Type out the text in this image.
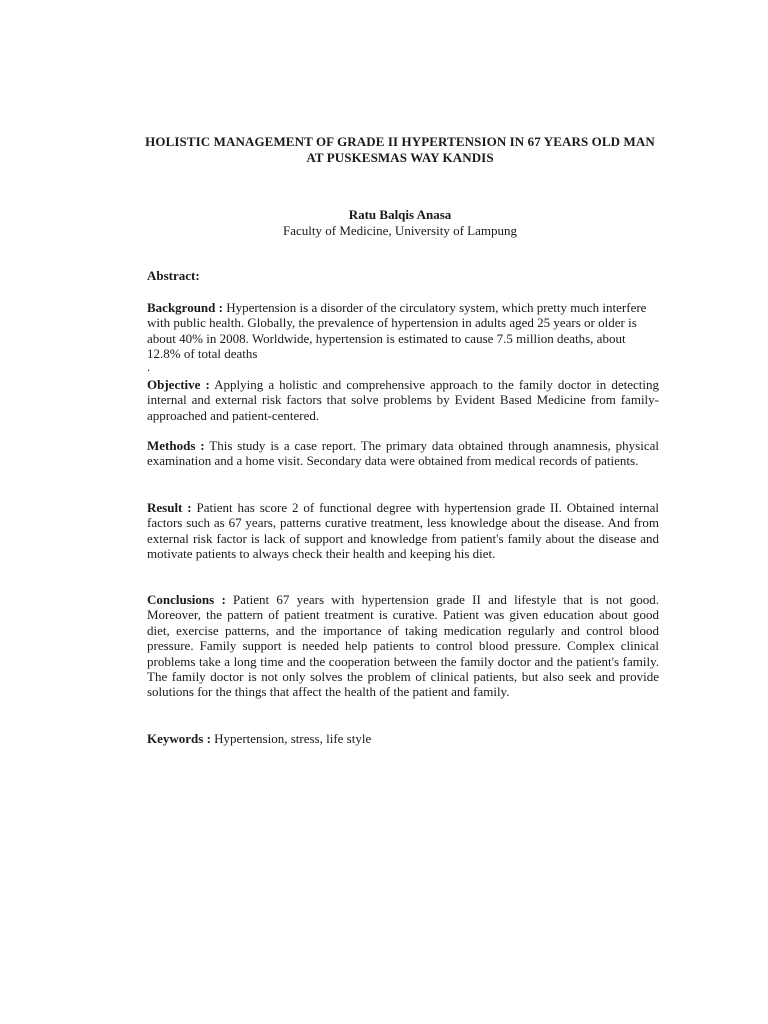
HOLISTIC MANAGEMENT OF GRADE II HYPERTENSION IN 67 YEARS OLD MAN AT PUSKESMAS WAY KANDIS
Ratu Balqis Anasa
Faculty of Medicine, University of Lampung
Abstract:
Background : Hypertension is a disorder of the circulatory system, which pretty much interfere with public health. Globally, the prevalence of hypertension in adults aged 25 years or older is about 40% in 2008. Worldwide, hypertension is estimated to cause 7.5 million deaths, about 12.8% of total deaths
.
Objective : Applying a holistic and comprehensive approach to the family doctor in detecting internal and external risk factors that solve problems by Evident Based Medicine from family-approached and patient-centered.
Methods : This study is a case report. The primary data obtained through anamnesis, physical examination and a home visit. Secondary data were obtained from medical records of patients.
Result : Patient has score 2 of functional degree with hypertension grade II. Obtained internal factors such as 67 years, patterns curative treatment, less knowledge about the disease. And from external risk factor is lack of support and knowledge from patient's family about the disease and motivate patients to always check their health and keeping his diet.
Conclusions : Patient 67 years with hypertension grade II and lifestyle that is not good. Moreover, the pattern of patient treatment is curative. Patient was given education about good diet, exercise patterns, and the importance of taking medication regularly and control blood pressure. Family support is needed help patients to control blood pressure. Complex clinical problems take a long time and the cooperation between the family doctor and the patient's family. The family doctor is not only solves the problem of clinical patients, but also seek and provide solutions for the things that affect the health of the patient and family.
Keywords : Hypertension, stress, life style
